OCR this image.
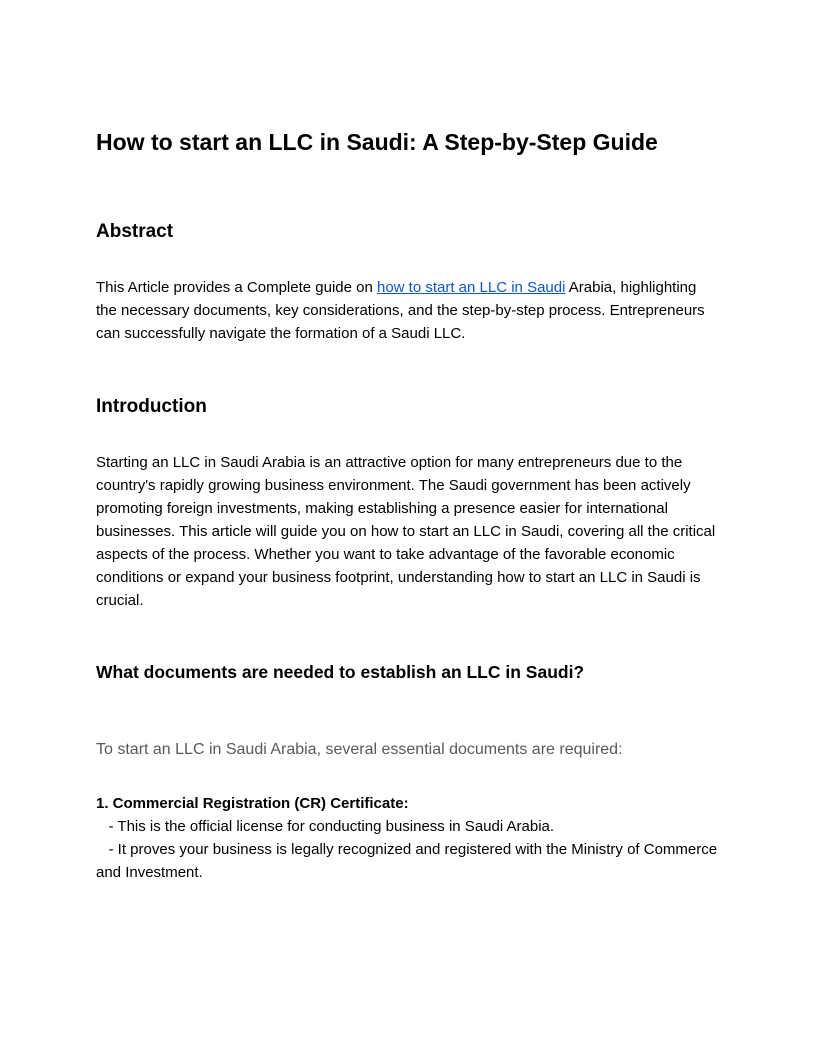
How to start an LLC in Saudi: A Step-by-Step Guide
Abstract

This Article provides a Complete guide on how to start an LLC in Saudi Arabia, highlighting the necessary documents, key considerations, and the step-by-step process. Entrepreneurs can successfully navigate the formation of a Saudi LLC.

Introduction

Starting an LLC in Saudi Arabia is an attractive option for many entrepreneurs due to the country's rapidly growing business environment. The Saudi government has been actively promoting foreign investments, making establishing a presence easier for international businesses. This article will guide you on how to start an LLC in Saudi, covering all the critical aspects of the process. Whether you want to take advantage of the favorable economic conditions or expand your business footprint, understanding how to start an LLC in Saudi is crucial.

What documents are needed to establish an LLC in Saudi?

To start an LLC in Saudi Arabia, several essential documents are required:

1. Commercial Registration (CR) Certificate:
- This is the official license for conducting business in Saudi Arabia.
- It proves your business is legally recognized and registered with the Ministry of Commerce and Investment.
